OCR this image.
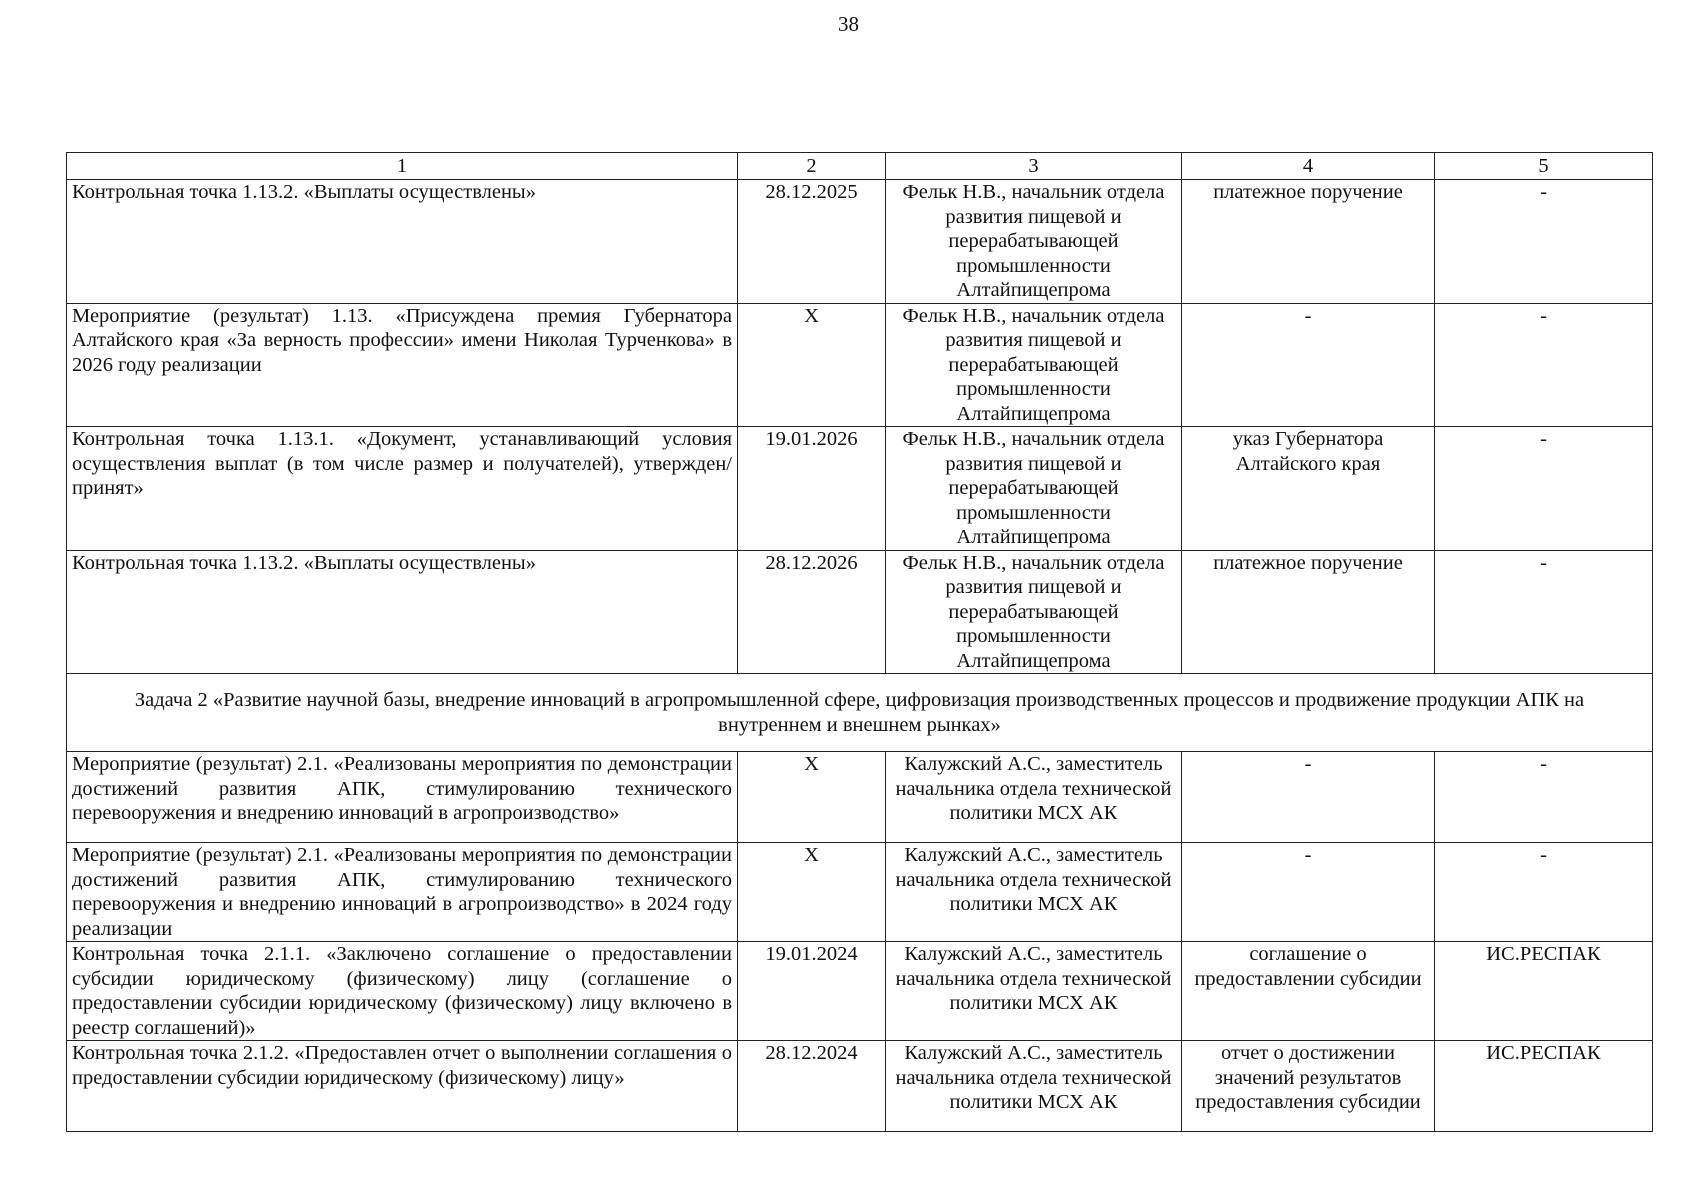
38
1	2	3	4	5
Контрольная точка 1.13.2. «Выплаты осуществлены»	28.12.2025	Фельк Н.В., начальник отдела развития пищевой и перерабатывающей промышленности Алтайпищепрома	платежное поручение	-
Мероприятие (результат) 1.13. «Присуждена премия Губернатора Алтайского края «За верность профессии» имени Николая Турченкова» в 2026 году реализации	X	Фельк Н.В., начальник отдела развития пищевой и перерабатывающей промышленности Алтайпищепрома	-	-
Контрольная точка 1.13.1. «Документ, устанавливающий условия осуществления выплат (в том числе размер и получателей), утвержден/принят»	19.01.2026	Фельк Н.В., начальник отдела развития пищевой и перерабатывающей промышленности Алтайпищепрома	указ Губернатора Алтайского края	-
Контрольная точка 1.13.2. «Выплаты осуществлены»	28.12.2026	Фельк Н.В., начальник отдела развития пищевой и перерабатывающей промышленности Алтайпищепрома	платежное поручение	-
Задача 2 «Развитие научной базы, внедрение инноваций в агропромышленной сфере, цифровизация производственных процессов и продвижение продукции АПК на внутреннем и внешнем рынках»				
Мероприятие (результат) 2.1. «Реализованы мероприятия по демонстрации достижений развития АПК, стимулированию технического перевооружения и внедрению инноваций в агропроизводство»	X	Калужский А.С., заместитель начальника отдела технической политики МСХ АК	-	-
Мероприятие (результат) 2.1. «Реализованы мероприятия по демонстрации достижений развития АПК, стимулированию технического перевооружения и внедрению инноваций в агропроизводство» в 2024 году реализации	X	Калужский А.С., заместитель начальника отдела технической политики МСХ АК	-	-
Контрольная точка 2.1.1. «Заключено соглашение о предоставлении субсидии юридическому (физическому) лицу (соглашение о предоставлении субсидии юридическому (физическому) лицу включено в реестр соглашений)»	19.01.2024	Калужский А.С., заместитель начальника отдела технической политики МСХ АК	соглашение о предоставлении субсидии	ИС.РЕСПАК
Контрольная точка 2.1.2. «Предоставлен отчет о выполнении соглашения о предоставлении субсидии юридическому (физическому) лицу»	28.12.2024	Калужский А.С., заместитель начальника отдела технической политики МСХ АК	отчет о достижении значений результатов предоставления субсидии	ИС.РЕСПАК
